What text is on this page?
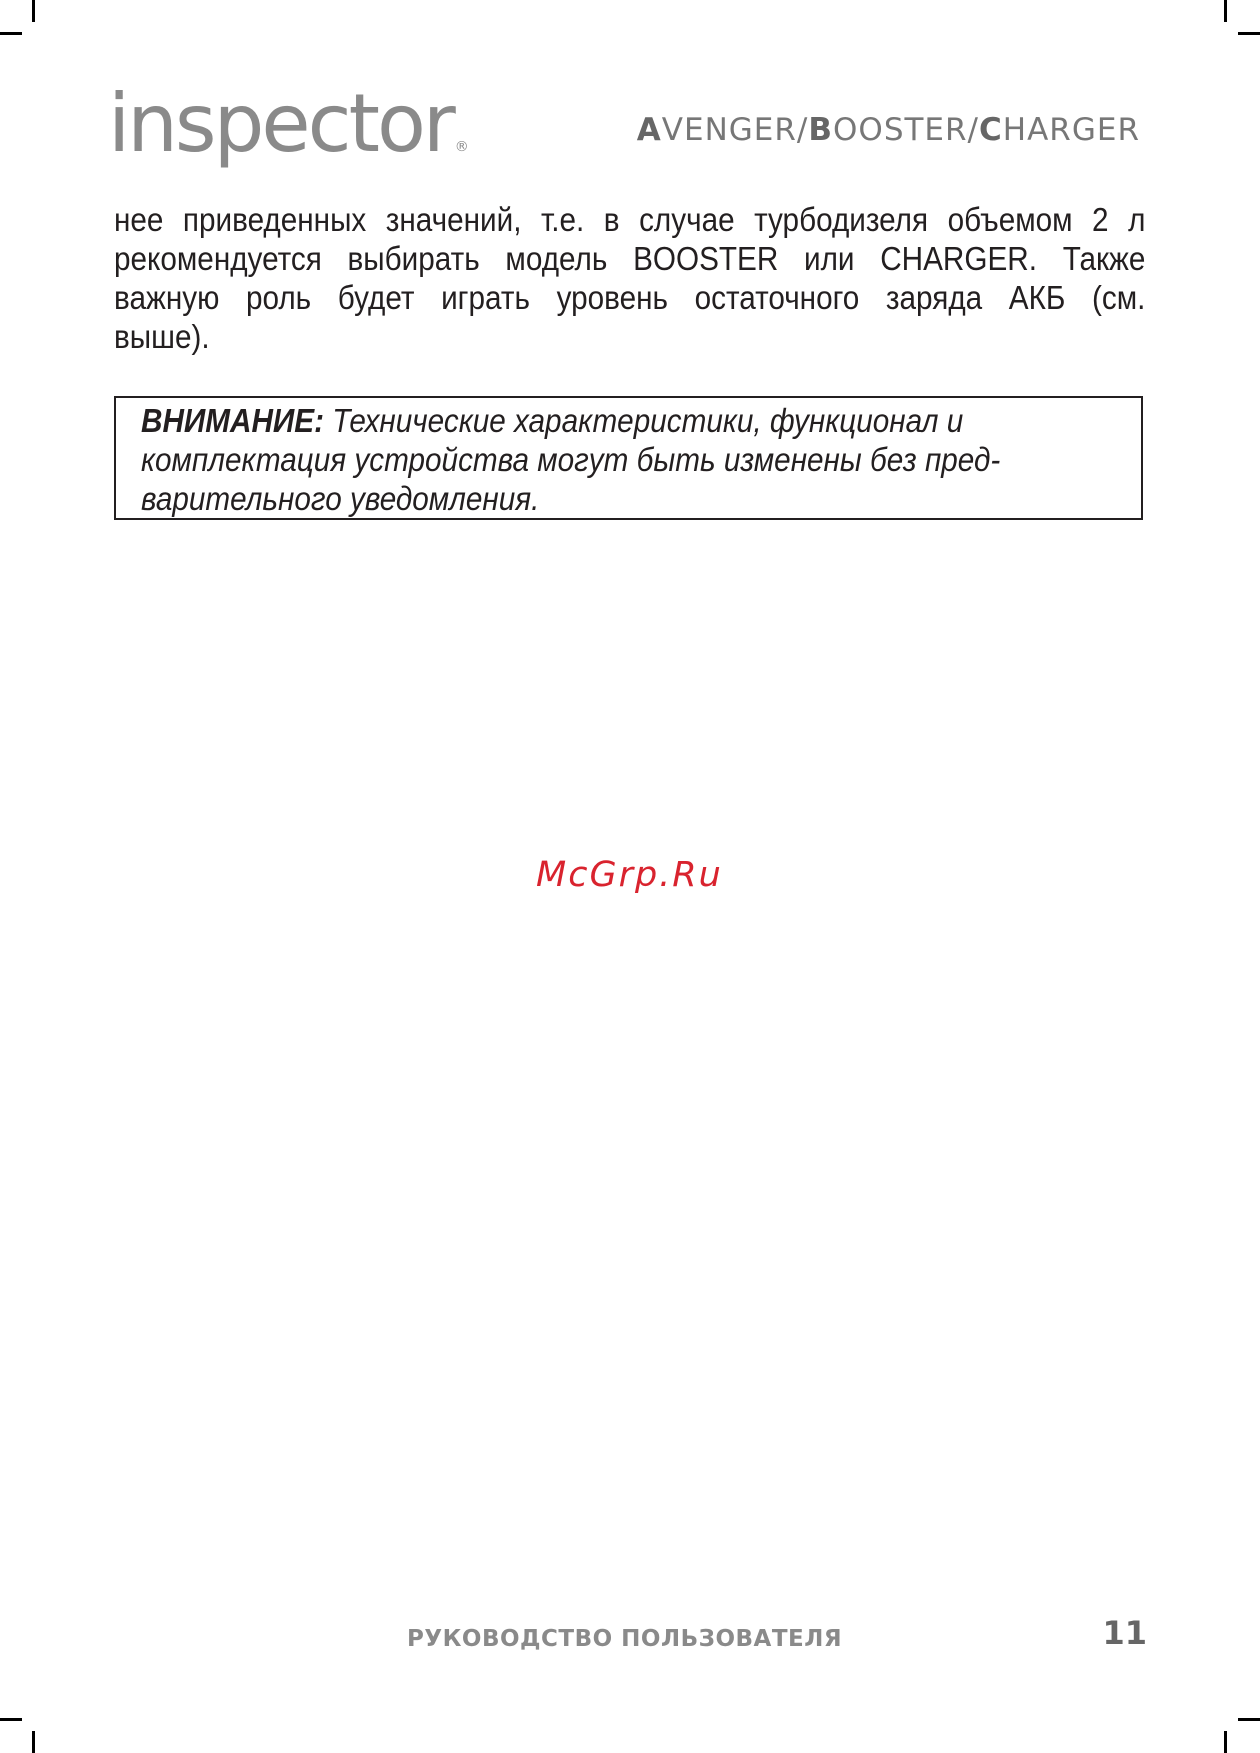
inspector ®	AVENGER/BOOSTER/CHARGER
нее приведенных значений, т.е. в случае турбодизеля объемом 2 л
рекомендуется выбирать модель BOOSTER или CHARGER. Также
важную роль будет играть уровень остаточного заряда АКБ (см.
выше).
ВНИМАНИЕ: Технические характеристики, функционал и
комплектация устройства могут быть изменены без пред-
варительного уведомления.
McGrp.Ru
РУКОВОДСТВО ПОЛЬЗОВАТЕЛЯ	11
